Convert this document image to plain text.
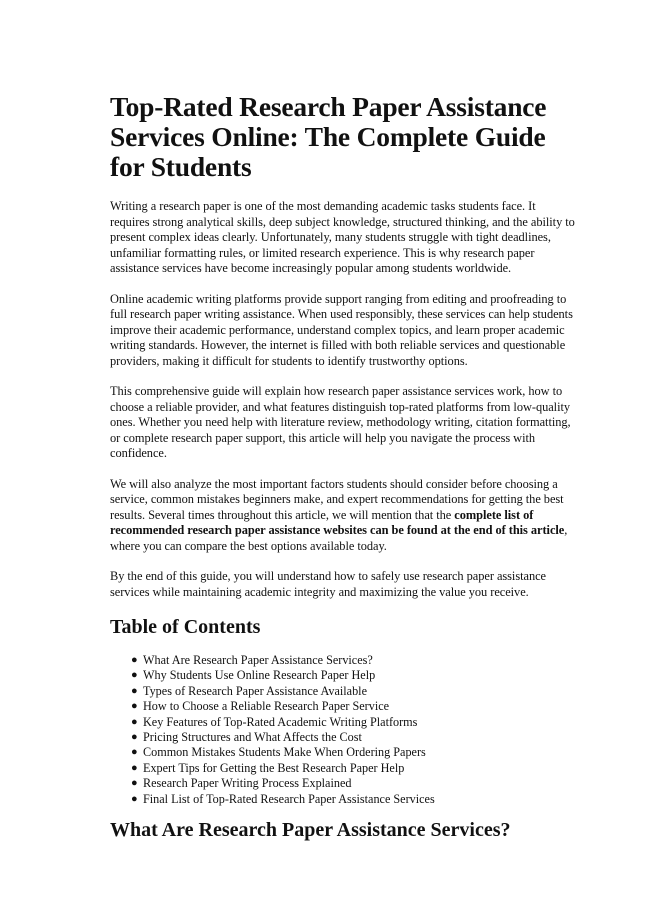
Top-Rated Research Paper Assistance Services Online: The Complete Guide for Students

Writing a research paper is one of the most demanding academic tasks students face. It requires strong analytical skills, deep subject knowledge, structured thinking, and the ability to present complex ideas clearly. Unfortunately, many students struggle with tight deadlines, unfamiliar formatting rules, or limited research experience. This is why research paper assistance services have become increasingly popular among students worldwide.

Online academic writing platforms provide support ranging from editing and proofreading to full research paper writing assistance. When used responsibly, these services can help students improve their academic performance, understand complex topics, and learn proper academic writing standards. However, the internet is filled with both reliable services and questionable providers, making it difficult for students to identify trustworthy options.

This comprehensive guide will explain how research paper assistance services work, how to choose a reliable provider, and what features distinguish top-rated platforms from low-quality ones. Whether you need help with literature review, methodology writing, citation formatting, or complete research paper support, this article will help you navigate the process with confidence.

We will also analyze the most important factors students should consider before choosing a service, common mistakes beginners make, and expert recommendations for getting the best results. Several times throughout this article, we will mention that the complete list of recommended research paper assistance websites can be found at the end of this article, where you can compare the best options available today.

By the end of this guide, you will understand how to safely use research paper assistance services while maintaining academic integrity and maximizing the value you receive.

Table of Contents
● What Are Research Paper Assistance Services?
● Why Students Use Online Research Paper Help
● Types of Research Paper Assistance Available
● How to Choose a Reliable Research Paper Service
● Key Features of Top-Rated Academic Writing Platforms
● Pricing Structures and What Affects the Cost
● Common Mistakes Students Make When Ordering Papers
● Expert Tips for Getting the Best Research Paper Help
● Research Paper Writing Process Explained
● Final List of Top-Rated Research Paper Assistance Services
What Are Research Paper Assistance Services?
